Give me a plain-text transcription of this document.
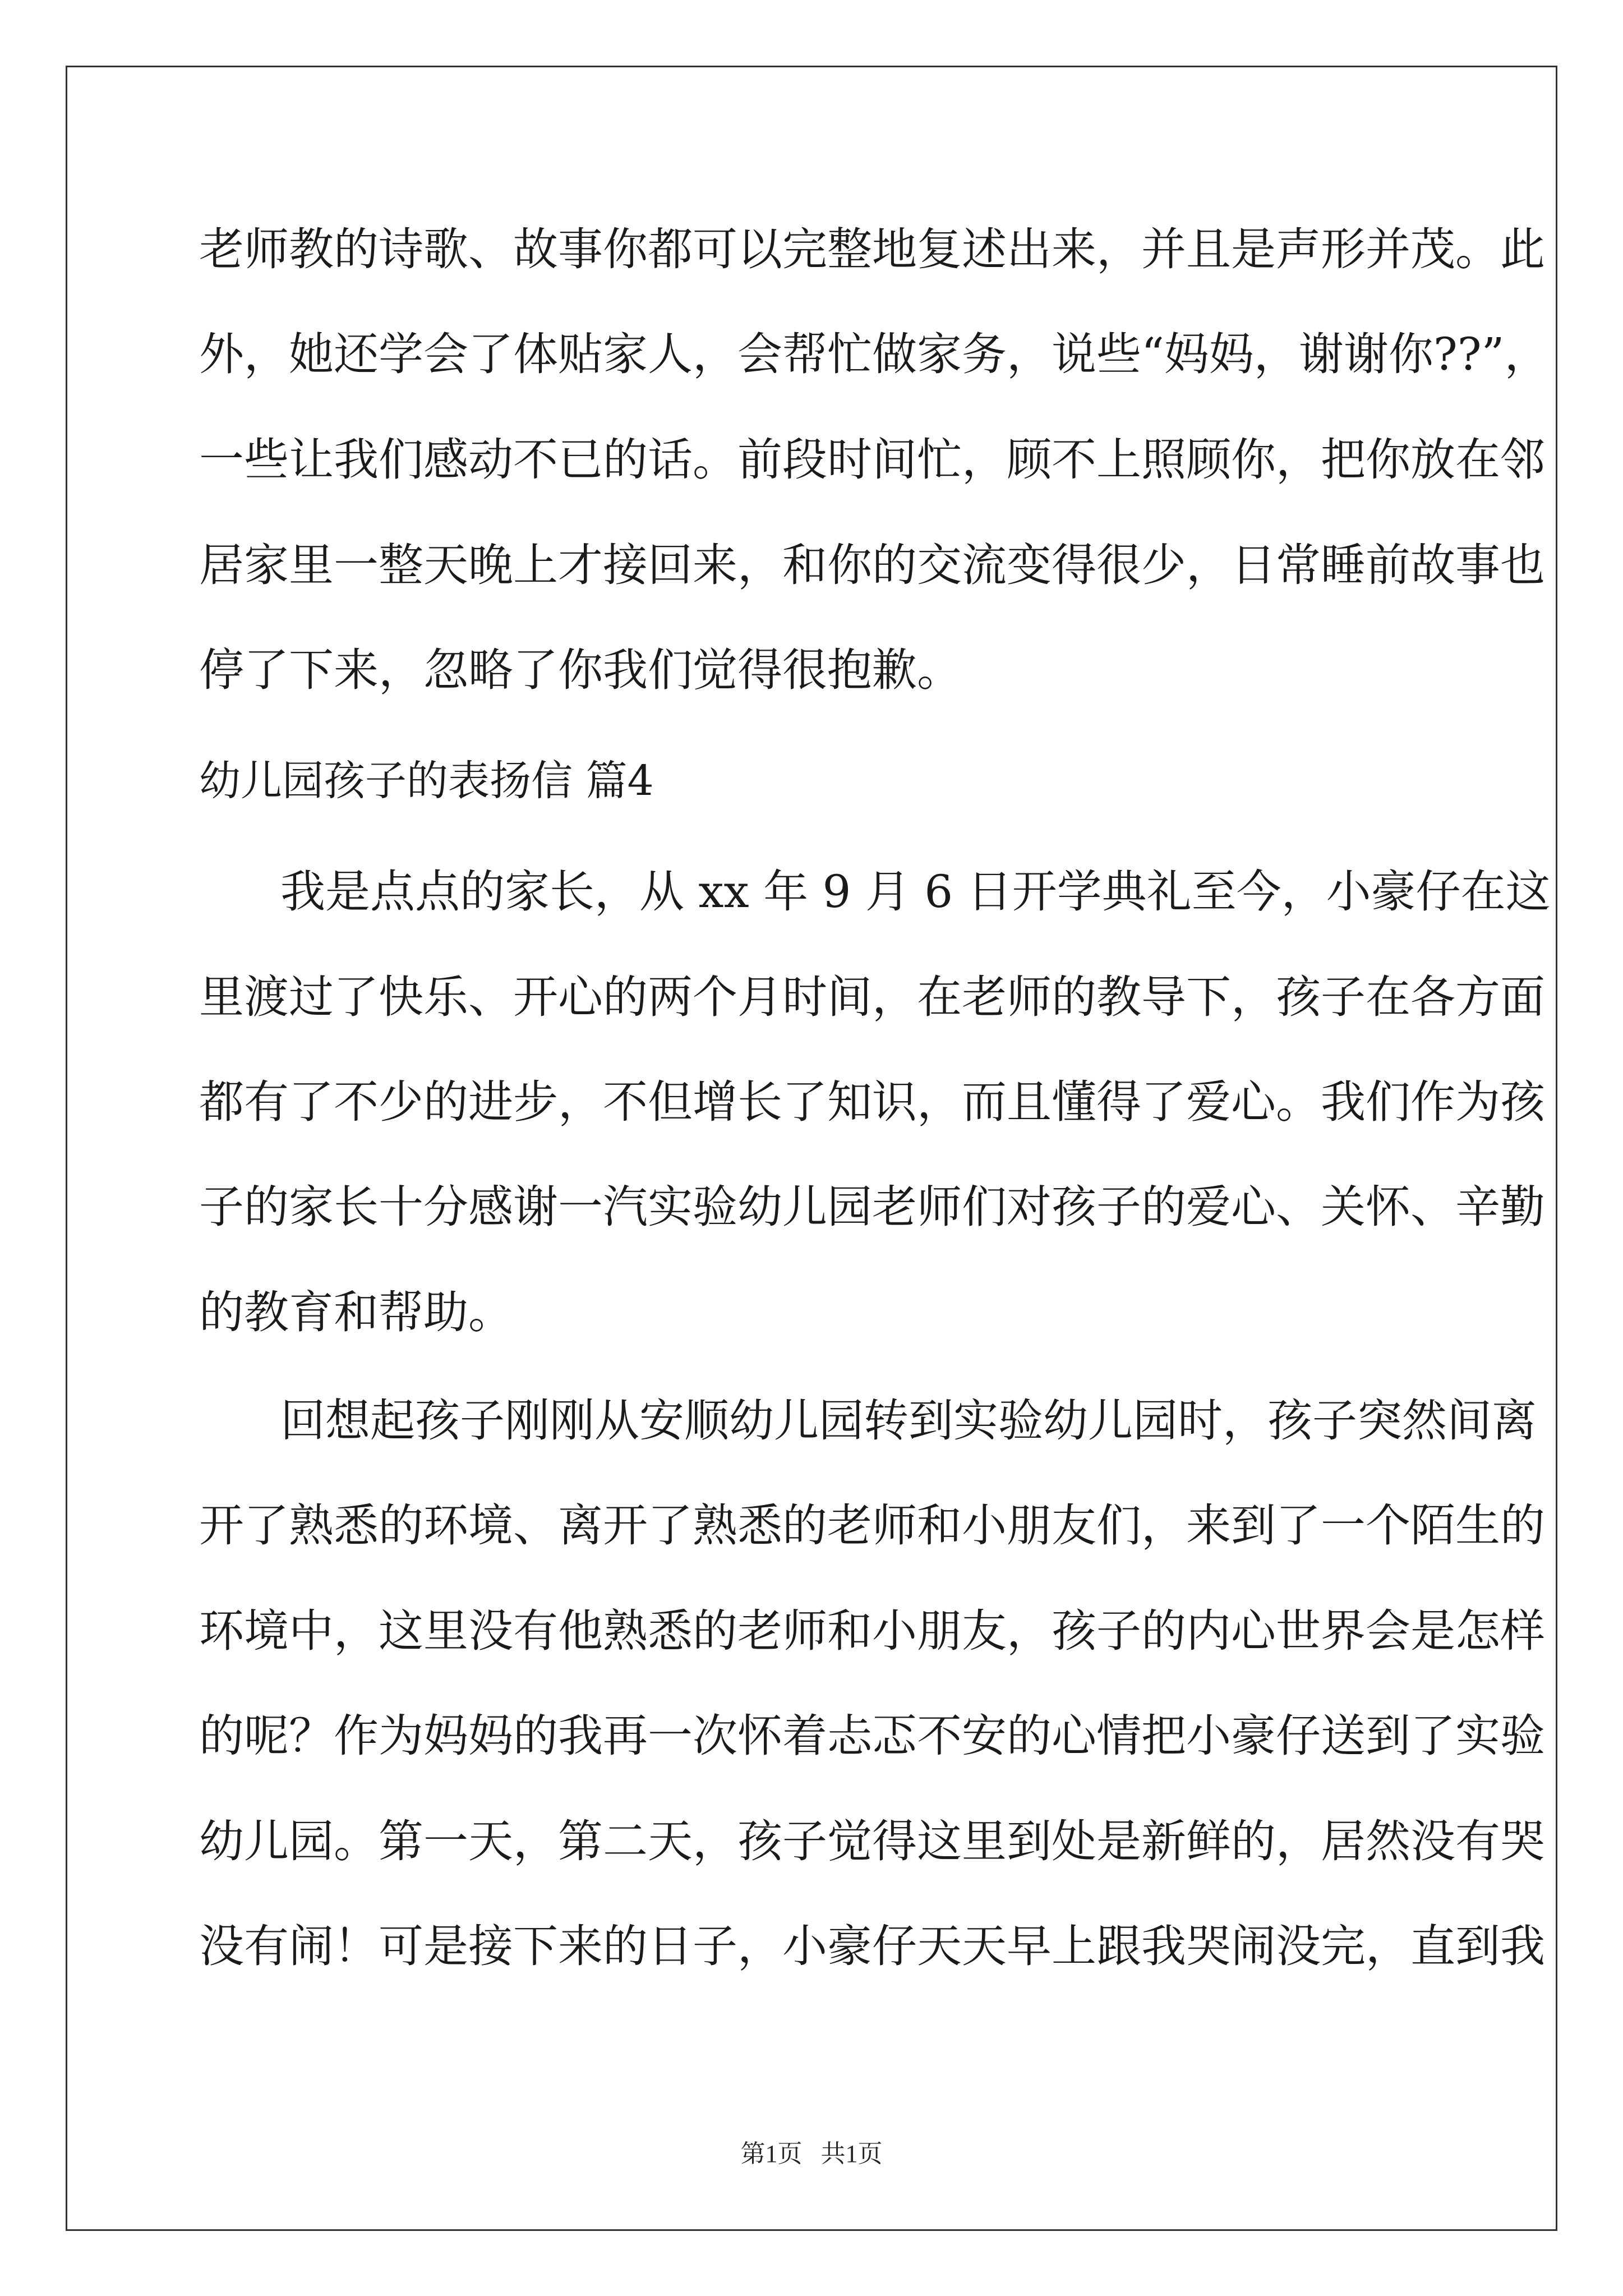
老师教的诗歌、故事你都可以完整地复述出来，并且是声形并茂。此
外，她还学会了体贴家人，会帮忙做家务，说些“妈妈，谢谢你??”，
一些让我们感动不已的话。前段时间忙，顾不上照顾你，把你放在邻
居家里一整天晚上才接回来，和你的交流变得很少，日常睡前故事也
停了下来，忽略了你我们觉得很抱歉。
幼儿园孩子的表扬信 篇4
我是点点的家长，从 xx 年 9 月 6 日开学典礼至今，小豪仔在这
里渡过了快乐、开心的两个月时间，在老师的教导下，孩子在各方面
都有了不少的进步，不但增长了知识，而且懂得了爱心。我们作为孩
子的家长十分感谢一汽实验幼儿园老师们对孩子的爱心、关怀、辛勤
的教育和帮助。
回想起孩子刚刚从安顺幼儿园转到实验幼儿园时，孩子突然间离
开了熟悉的环境、离开了熟悉的老师和小朋友们，来到了一个陌生的
环境中，这里没有他熟悉的老师和小朋友，孩子的内心世界会是怎样
的呢？作为妈妈的我再一次怀着忐忑不安的心情把小豪仔送到了实验
幼儿园。第一天，第二天，孩子觉得这里到处是新鲜的，居然没有哭
没有闹！可是接下来的日子，小豪仔天天早上跟我哭闹没完，直到我
第1页   共1页
